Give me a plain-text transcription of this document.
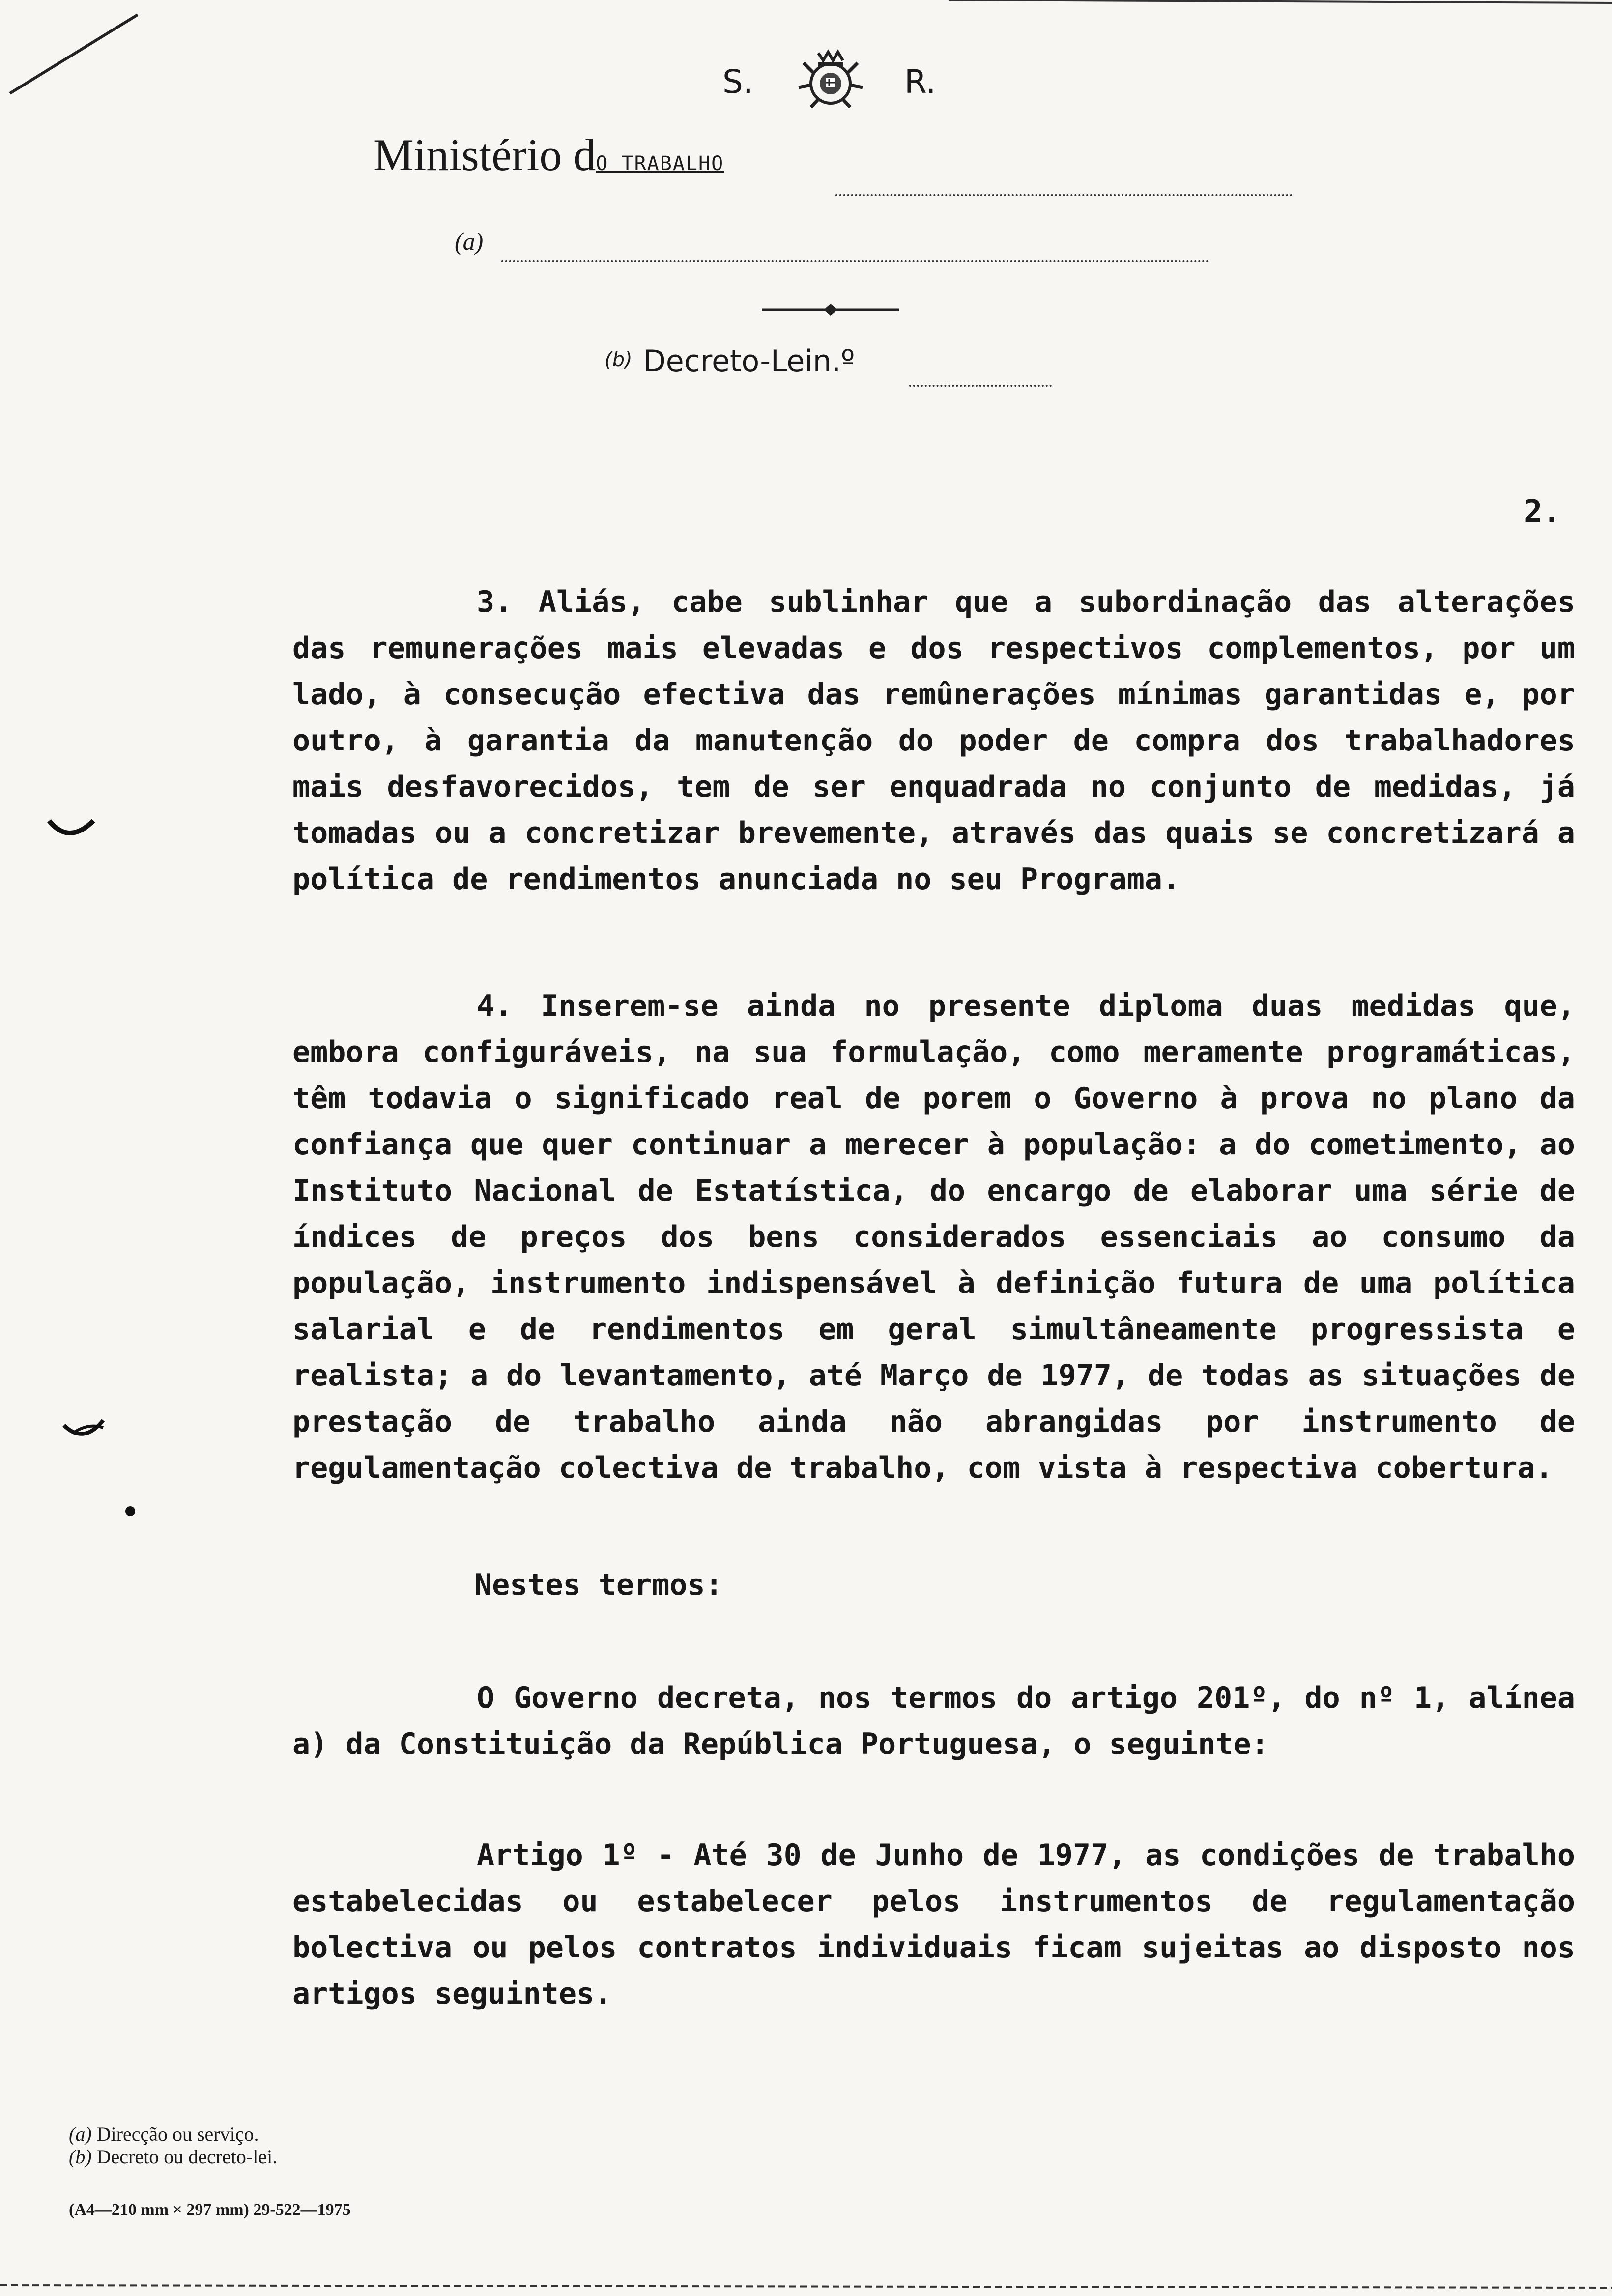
S.	R.
Ministério dO TRABALHO
(a)
(b) Decreto-Lein.º
2.

3. Aliás, cabe sublinhar que a subordinação das alterações das remunerações mais elevadas e dos respectivos complementos, por um lado, à consecução efectiva das remûnerações mínimas garantidas e, por outro, à garantia da manutenção do poder de compra dos trabalhadores mais desfavorecidos, tem de ser enquadrada no conjunto de medidas, já tomadas ou a concretizar brevemente, através das quais se concretizará a política de rendimentos anunciada no seu Programa.

4. Inserem-se ainda no presente diploma duas medidas que, embora configuráveis, na sua formulação, como meramente programáticas, têm todavia o significado real de porem o Governo à prova no plano da confiança que quer continuar a merecer à população: a do cometimento, ao Instituto Nacional de Estatística, do encargo de elaborar uma série de índices de preços dos bens considerados essenciais ao consumo da população, instrumento indispensável à definição futura de uma política salarial e de rendimentos em geral simultâneamente progressista e realista; a do levantamento, até Março de 1977, de todas as situações de prestação de trabalho ainda não abrangidas por instrumento de regulamentação colectiva de trabalho, com vista à respectiva cobertura.

Nestes termos:

O Governo decreta, nos termos do artigo 201º, do nº 1, alínea a) da Constituição da República Portuguesa, o seguinte:

Artigo 1º - Até 30 de Junho de 1977, as condições de trabalho estabelecidas ou estabelecer pelos instrumentos de regulamentação bolectiva ou pelos contratos individuais ficam sujeitas ao disposto nos artigos seguintes.

(a) Direcção ou serviço.
(b) Decreto ou decreto-lei.
(A4—210 mm × 297 mm) 29-522—1975
